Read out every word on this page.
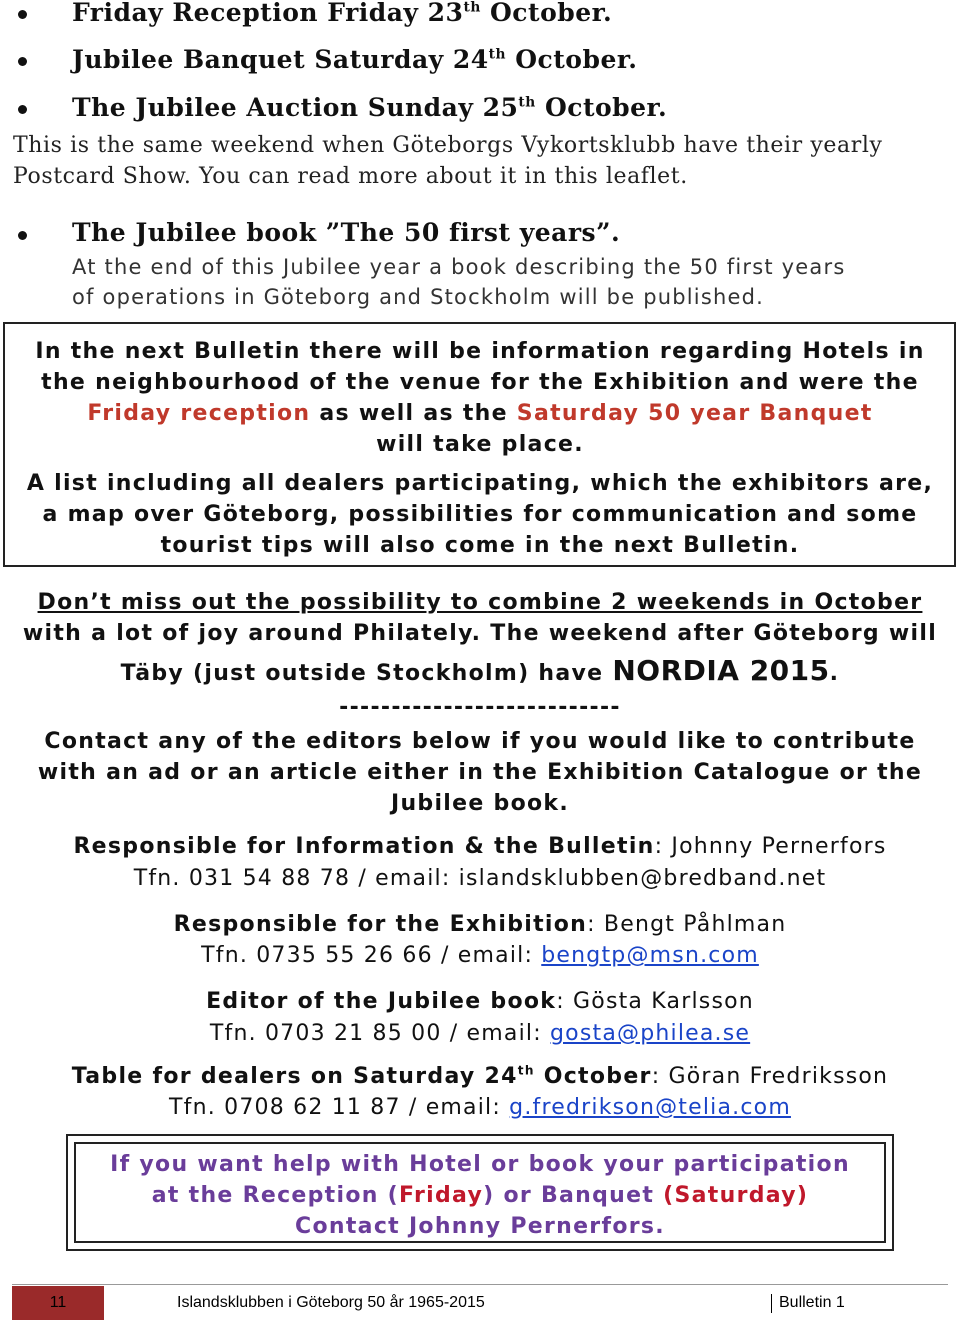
Friday Reception Friday 23th October.
Jubilee Banquet Saturday 24th October.
The Jubilee Auction Sunday 25th October.
This is the same weekend when Göteborgs Vykortsklubb have their yearly
Postcard Show. You can read more about it in this leaflet.
The Jubilee book ”The 50 first years”.
At the end of this Jubilee year a book describing the 50 first years
of operations in Göteborg and Stockholm will be published.
In the next Bulletin there will be information regarding Hotels in
the neighbourhood of the venue for the Exhibition and were the
Friday reception as well as the Saturday 50 year Banquet
will take place.
A list including all dealers participating, which the exhibitors are,
a map over Göteborg, possibilities for communication and some
tourist tips will also come in the next Bulletin.
Don’t miss out the possibility to combine 2 weekends in October
with a lot of joy around Philately. The weekend after Göteborg will
Täby (just outside Stockholm) have NORDIA 2015.
---------------------------
Contact any of the editors below if you would like to contribute
with an ad or an article either in the Exhibition Catalogue or the
Jubilee book.
Responsible for Information & the Bulletin: Johnny Pernerfors
Tfn. 031 54 88 78 / email: islandsklubben@bredband.net
Responsible for the Exhibition: Bengt Påhlman
Tfn. 0735 55 26 66 / email: bengtp@msn.com
Editor of the Jubilee book: Gösta Karlsson
Tfn. 0703 21 85 00 / email: gosta@philea.se
Table for dealers on Saturday 24th October: Göran Fredriksson
Tfn. 0708 62 11 87 / email: g.fredrikson@telia.com
If you want help with Hotel or book your participation
at the Reception (Friday) or Banquet (Saturday)
Contact Johnny Pernerfors.
11	Islandsklubben i Göteborg 50 år 1965-2015	Bulletin 1
